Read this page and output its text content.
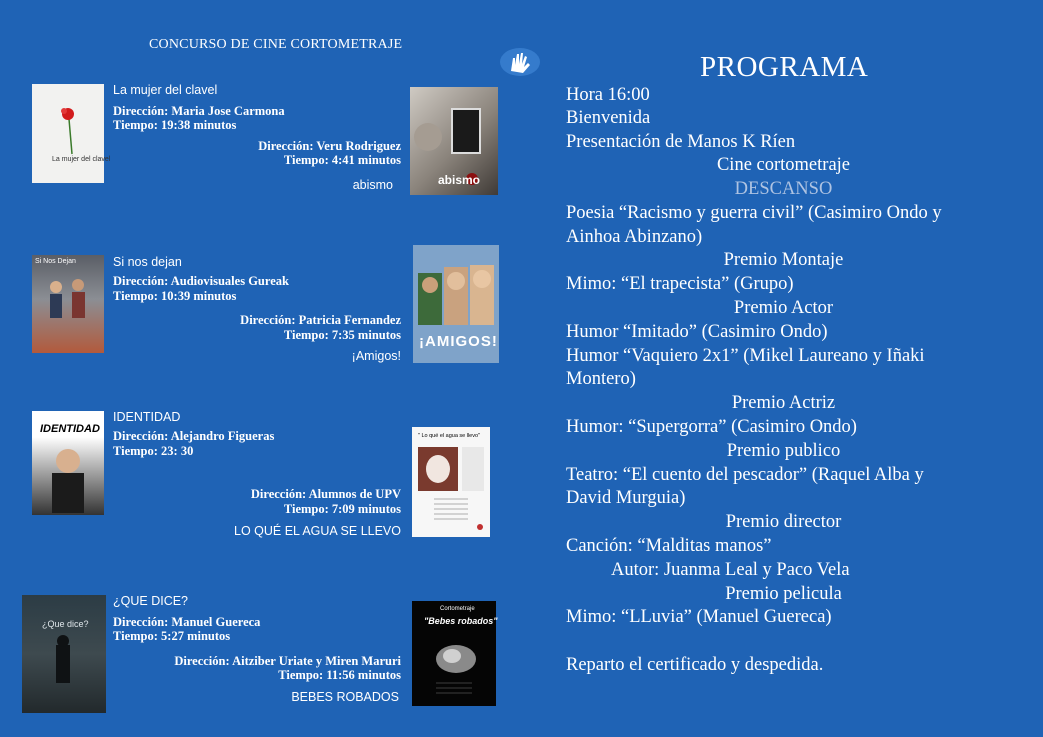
CONCURSO DE CINE CORTOMETRAJE
La mujer del clavel
La mujer del clavel
Dirección: Maria Jose Carmona
Tiempo: 19:38 minutos
Dirección: Veru Rodriguez
Tiempo: 4:41 minutos
abismo	abismo
Si Nos Dejan	Si nos dejan
Dirección: Audiovisuales Gureak
Tiempo: 10:39 minutos
Dirección: Patricia Fernandez
Tiempo: 7:35 minutos
¡Amigos!
¡AMIGOS!
IDENTIDAD
IDENTIDAD
Dirección: Alejandro Figueras
Tiempo: 23: 30
Dirección: Alumnos de UPV
Tiempo: 7:09 minutos
LO QUÉ EL AGUA SE LLEVO
" Lo qué el agua se llevo"
¿Que dice?
¿QUE DICE?
Dirección: Manuel Guereca
Tiempo: 5:27 minutos
Dirección: Aitziber Uriate y Miren Maruri
Tiempo: 11:56 minutos
BEBES ROBADOS
Cortometraje
"Bebes robados"
PROGRAMA
Hora 16:00
Bienvenida
Presentación de Manos K Ríen
Cine cortometraje
DESCANSO
Poesia “Racismo y guerra civil” (Casimiro Ondo y
Ainhoa Abinzano)
Premio Montaje
Mimo: “El trapecista” (Grupo)
Premio Actor
Humor “Imitado” (Casimiro Ondo)
Humor “Vaquiero 2x1” (Mikel Laureano y Iñaki
Montero)
Premio Actriz
Humor: “Supergorra” (Casimiro Ondo)
Premio publico
Teatro: “El cuento del pescador” (Raquel Alba y
David Murguia)
Premio director
Canción: “Malditas manos”
Autor: Juanma Leal y Paco Vela
Premio pelicula
Mimo: “LLuvia” (Manuel Guereca)
Reparto el certificado y despedida.
